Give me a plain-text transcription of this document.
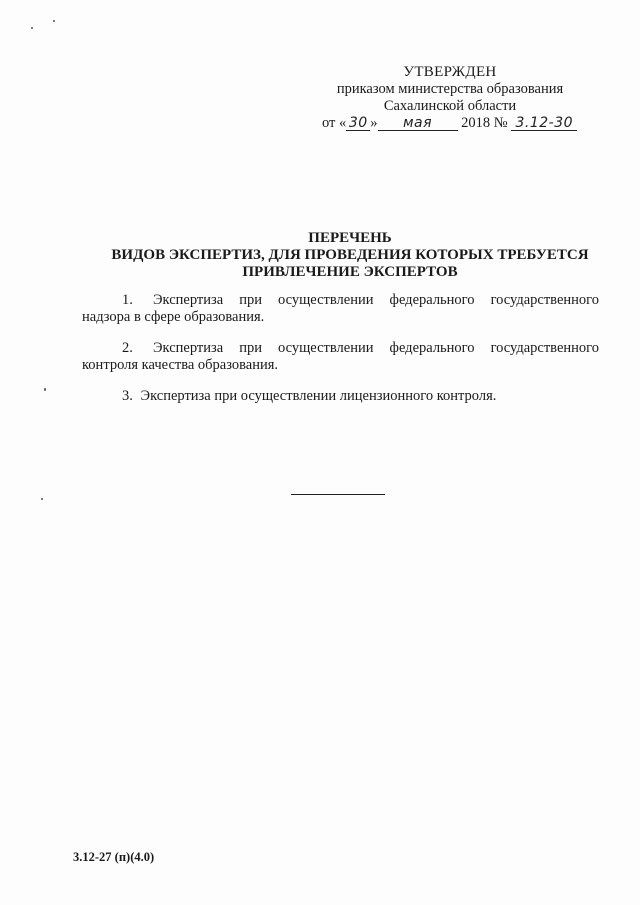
УТВЕРЖДЕН
приказом министерства образования
Сахалинской области
от « 30 » мая 2018 № 3.12-30
ПЕРЕЧЕНЬ
ВИДОВ ЭКСПЕРТИЗ, ДЛЯ ПРОВЕДЕНИЯ КОТОРЫХ ТРЕБУЕТСЯ
ПРИВЛЕЧЕНИЕ ЭКСПЕРТОВ
1. Экспертиза при осуществлении федерального государственного
надзора в сфере образования.
2. Экспертиза при осуществлении федерального государственного
контроля качества образования.
3. Экспертиза при осуществлении лицензионного контроля.
3.12-27 (п)(4.0)
